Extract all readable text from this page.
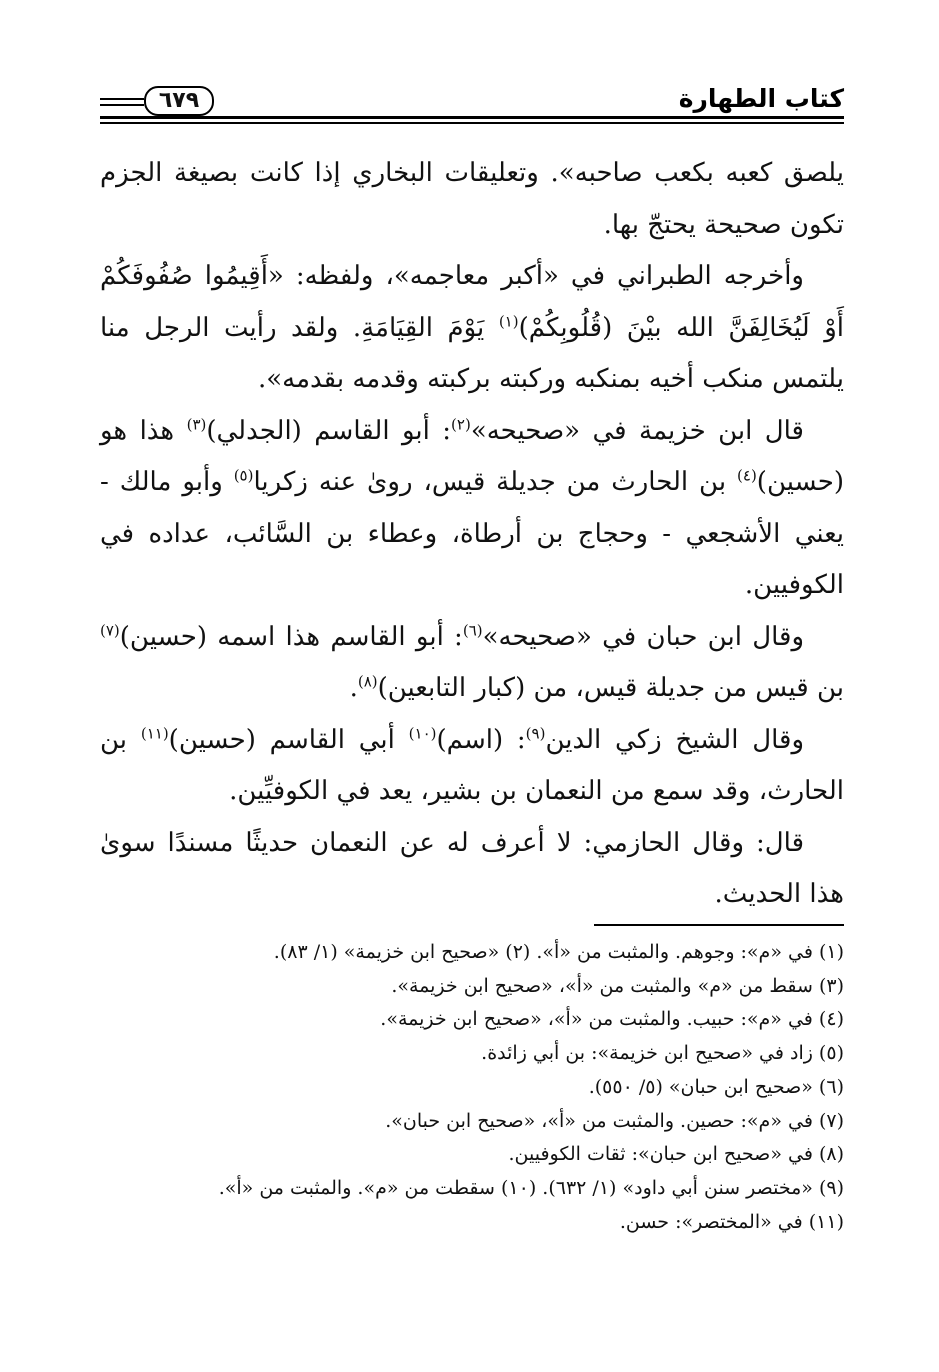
كتاب الطهارة
٦٧٩

يلصق كعبه بكعب صاحبه». وتعليقات البخاري إذا كانت بصيغة الجزم تكون صحيحة يحتجّ بها.

وأخرجه الطبراني في «أكبر معاجمه»، ولفظه: «أَقِيمُوا صُفُوفَكُمْ أَوْ لَيُخَالِفَنَّ الله بيْنَ (قُلُوبِكُمْ)$^{(١)}$ يَوْمَ القِيَامَةِ. ولقد رأيت الرجل منا يلتمس منكب أخيه بمنكبه وركبته بركبته وقدمه بقدمه».

قال ابن خزيمة في «صحيحه»$^{(٢)}$: أبو القاسم (الجدلي)$^{(٣)}$ هذا هو (حسين)$^{(٤)}$ بن الحارث من جديلة قيس، روىٰ عنه زكريا$^{(٥)}$ وأبو مالك - يعني الأشجعي - وحجاج بن أرطاة، وعطاء بن السَّائب، عداده في الكوفيين.

وقال ابن حبان في «صحيحه»$^{(٦)}$: أبو القاسم هذا اسمه (حسين)$^{(٧)}$ بن قيس من جديلة قيس، من (كبار التابعين)$^{(٨)}$.

وقال الشيخ زكي الدين$^{(٩)}$: (اسم)$^{(١٠)}$ أبي القاسم (حسين)$^{(١١)}$ بن الحارث، وقد سمع من النعمان بن بشير، يعد في الكوفيِّين.

قال: وقال الحازمي: لا أعرف له عن النعمان حديثًا مسندًا سوىٰ هذا الحديث.

(١) في «م»: وجوهم. والمثبت من «أ». (٢) «صحيح ابن خزيمة» (١/ ٨٣).

(٣) سقط من «م» والمثبت من «أ»، «صحيح ابن خزيمة».

(٤) في «م»: حبيب. والمثبت من «أ»، «صحيح ابن خزيمة».

(٥) زاد في «صحيح ابن خزيمة»: بن أبي زائدة.

(٦) «صحيح ابن حبان» (٥/ ٥٥٠).

(٧) في «م»: حصين. والمثبت من «أ»، «صحيح ابن حبان».

(٨) في «صحيح ابن حبان»: ثقات الكوفيين.

(٩) «مختصر سنن أبي داود» (١/ ٦٣٢). (١٠) سقطت من «م». والمثبت من «أ».

(١١) في «المختصر»: حسن.
